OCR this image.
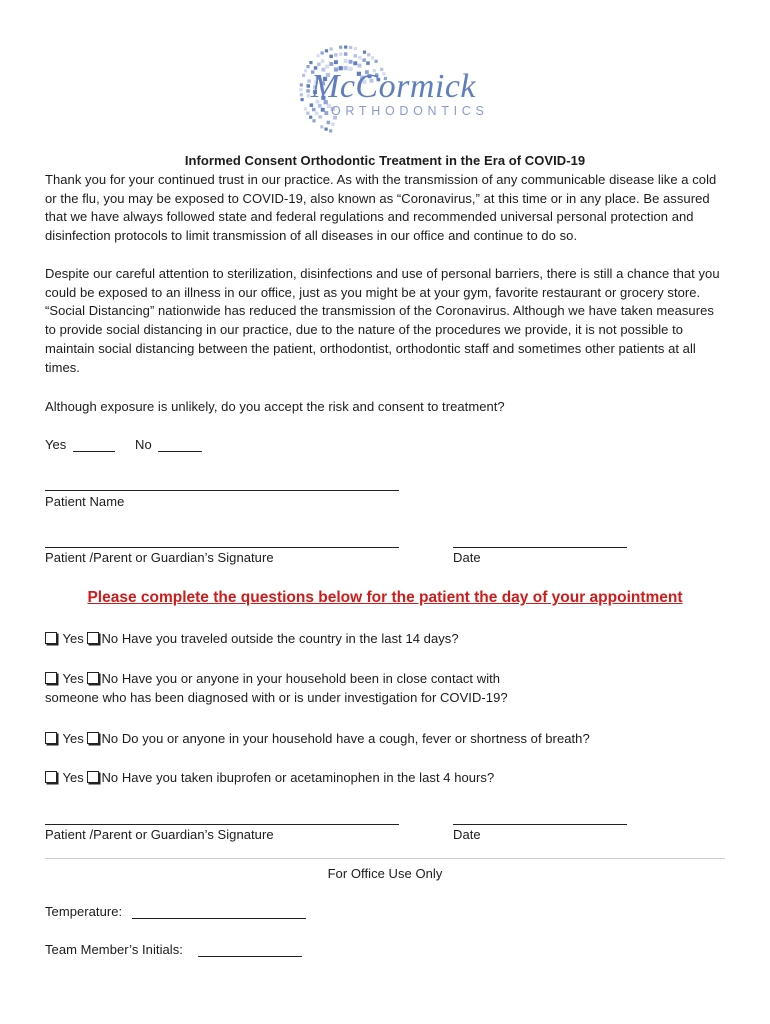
McCormick
ORTHODONTICS
Informed Consent Orthodontic Treatment in the Era of COVID-19
Thank you for your continued trust in our practice. As with the transmission of any communicable disease like a cold or the flu, you may be exposed to COVID-19, also known as “Coronavirus,” at this time or in any place. Be assured that we have always followed state and federal regulations and recommended universal personal protection and disinfection protocols to limit transmission of all diseases in our office and continue to do so.
Despite our careful attention to sterilization, disinfections and use of personal barriers, there is still a chance that you could be exposed to an illness in our office, just as you might be at your gym, favorite restaurant or grocery store. “Social Distancing” nationwide has reduced the transmission of the Coronavirus. Although we have taken measures to provide social distancing in our practice, due to the nature of the procedures we provide, it is not possible to maintain social distancing between the patient, orthodontist, orthodontic staff and sometimes other patients at all times.
Although exposure is unlikely, do you accept the risk and consent to treatment?
Yes	No
Patient Name
Patient /Parent or Guardian’s Signature	Date
Please complete the questions below for the patient the day of your appointment
Yes No Have you traveled outside the country in the last 14 days?
Yes No Have you or anyone in your household been in close contact with
someone who has been diagnosed with or is under investigation for COVID-19?
Yes No Do you or anyone in your household have a cough, fever or shortness of breath?
Yes No Have you taken ibuprofen or acetaminophen in the last 4 hours?
Patient /Parent or Guardian’s Signature	Date
For Office Use Only
Temperature:
Team Member’s Initials:
